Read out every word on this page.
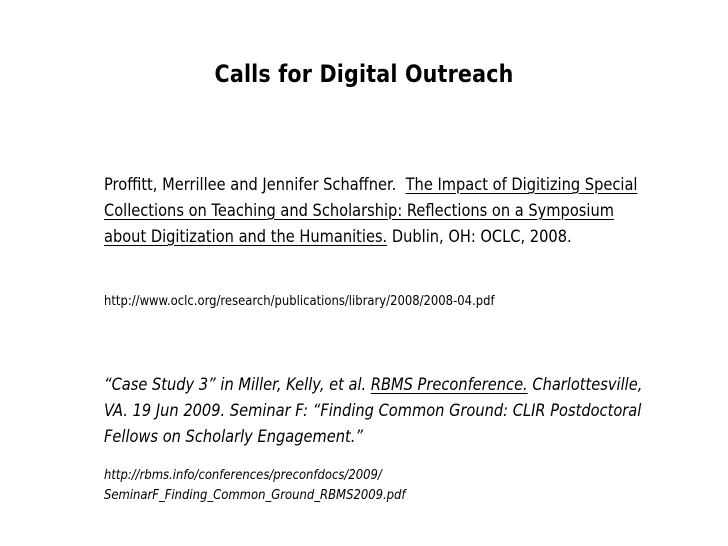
Calls for Digital Outreach
Proffitt, Merrillee and Jennifer Schaffner. The Impact of Digitizing Special Collections on Teaching and Scholarship: Reflections on a Symposium about Digitization and the Humanities. Dublin, OH: OCLC, 2008.
http://www.oclc.org/research/publications/library/2008/2008-04.pdf
“Case Study 3” in Miller, Kelly, et al. RBMS Preconference. Charlottesville, VA. 19 Jun 2009. Seminar F: “Finding Common Ground: CLIR Postdoctoral Fellows on Scholarly Engagement.”
http://rbms.info/conferences/preconfdocs/2009/
SeminarF_Finding_Common_Ground_RBMS2009.pdf
